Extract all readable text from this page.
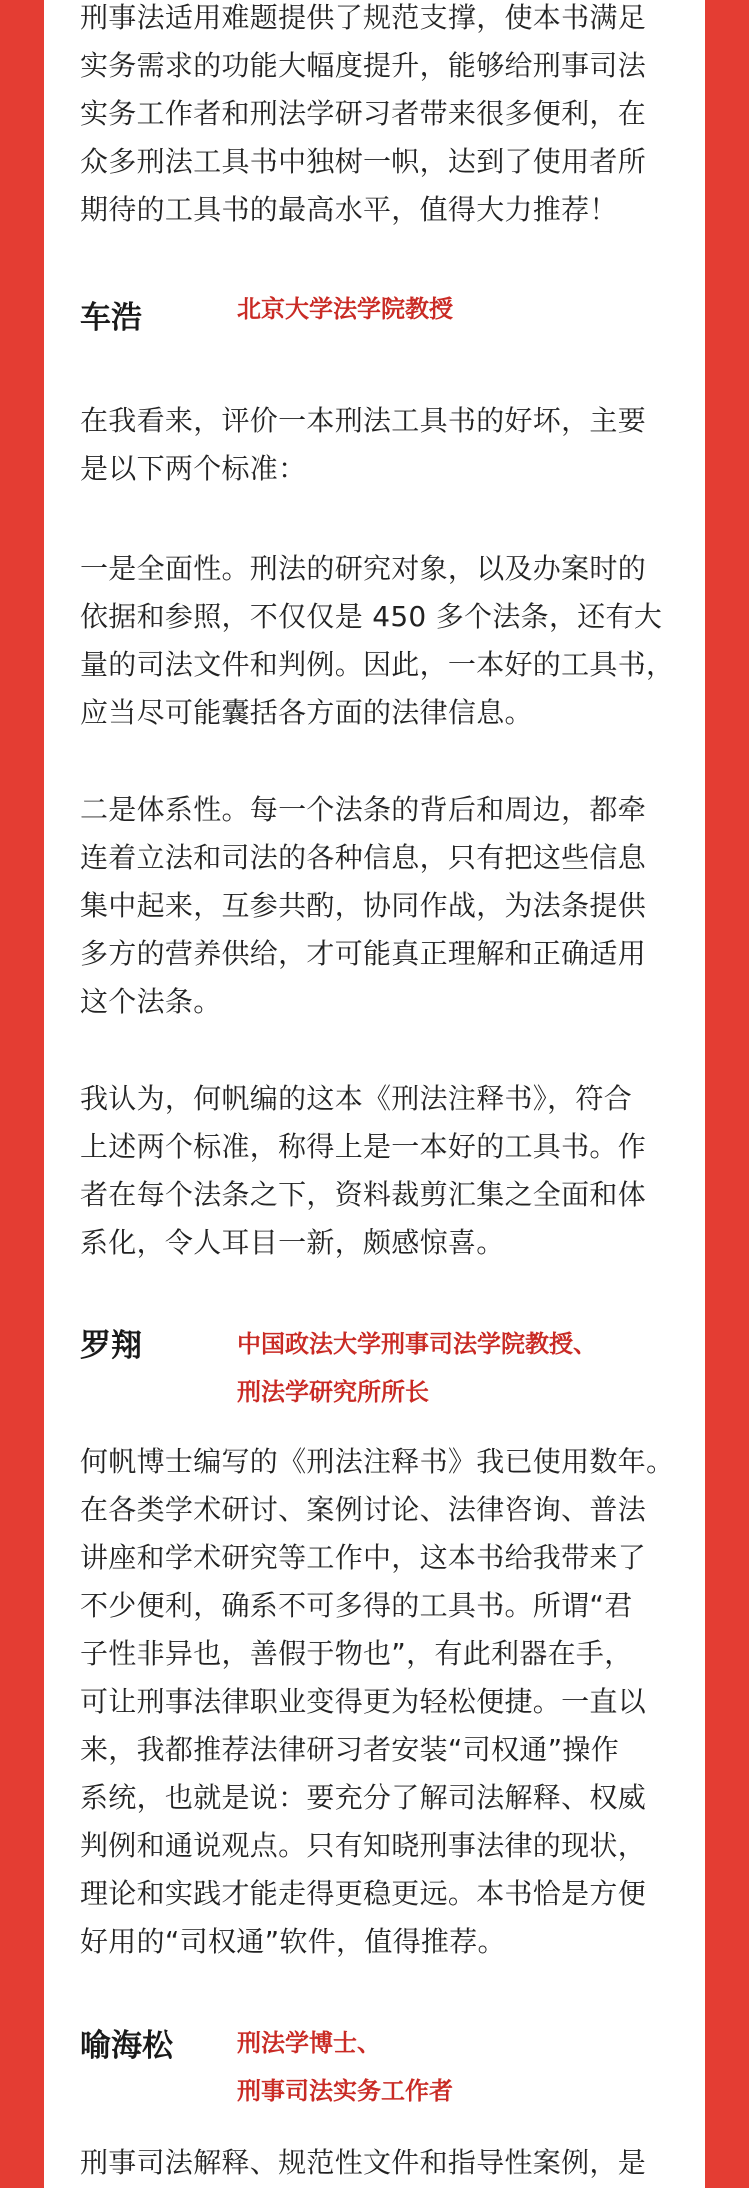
刑事法适用难题提供了规范支撑，使本书满足
实务需求的功能大幅度提升，能够给刑事司法
实务工作者和刑法学研习者带来很多便利，在
众多刑法工具书中独树一帜，达到了使用者所
期待的工具书的最高水平，值得大力推荐！

车浩	北京大学法学院教授

在我看来，评价一本刑法工具书的好坏，主要
是以下两个标准：

一是全面性。刑法的研究对象，以及办案时的
依据和参照，不仅仅是 450 多个法条，还有大
量的司法文件和判例。因此，一本好的工具书，
应当尽可能囊括各方面的法律信息。

二是体系性。每一个法条的背后和周边，都牵
连着立法和司法的各种信息，只有把这些信息
集中起来，互参共酌，协同作战，为法条提供
多方的营养供给，才可能真正理解和正确适用
这个法条。

我认为，何帆编的这本《刑法注释书》，符合
上述两个标准，称得上是一本好的工具书。作
者在每个法条之下，资料裁剪汇集之全面和体
系化，令人耳目一新，颇感惊喜。

罗翔	中国政法大学刑事司法学院教授、
刑法学研究所所长

何帆博士编写的《刑法注释书》我已使用数年。
在各类学术研讨、案例讨论、法律咨询、普法
讲座和学术研究等工作中，这本书给我带来了
不少便利，确系不可多得的工具书。所谓“君
子性非异也，善假于物也”，有此利器在手，
可让刑事法律职业变得更为轻松便捷。一直以
来，我都推荐法律研习者安装“司权通”操作
系统，也就是说：要充分了解司法解释、权威
判例和通说观点。只有知晓刑事法律的现状，
理论和实践才能走得更稳更远。本书恰是方便
好用的“司权通”软件，值得推荐。

喻海松	刑法学博士、
刑事司法实务工作者

刑事司法解释、规范性文件和指导性案例，是
